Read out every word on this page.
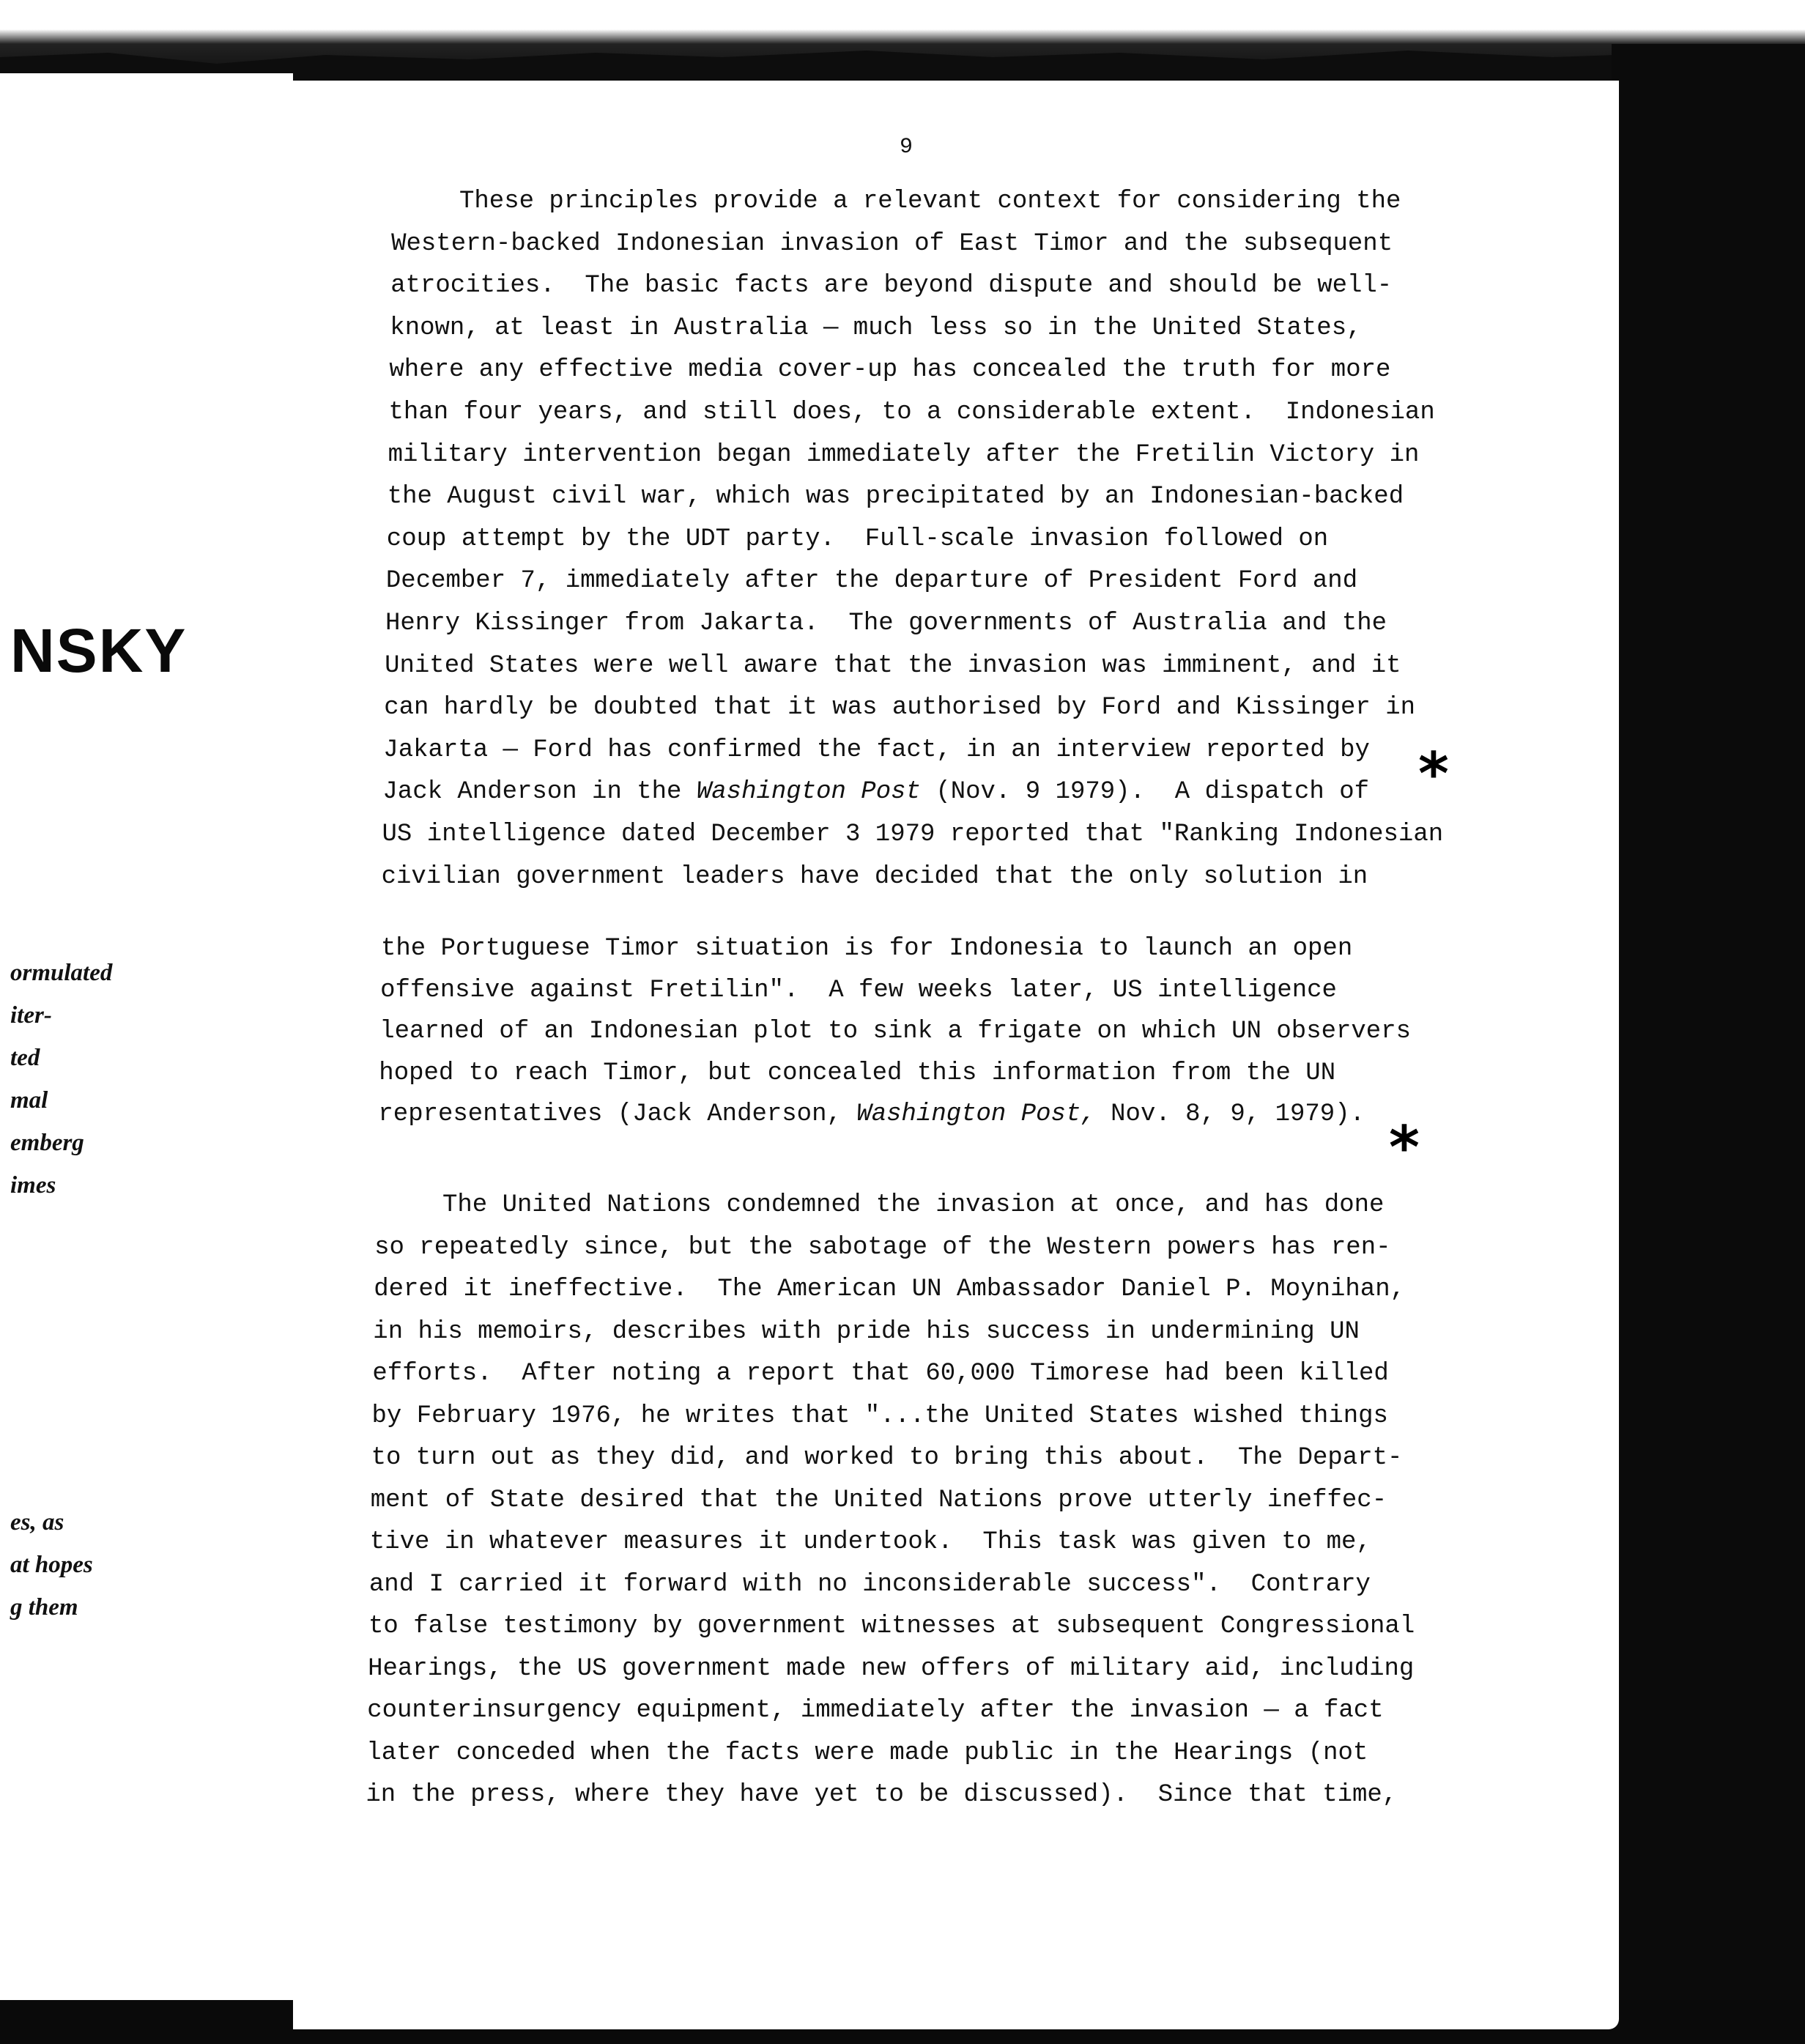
NSKY
ormulated
iter-
ted
mal
emberg
imes
es, as
at hopes
g them
9
These principles provide a relevant context for considering the
Western-backed Indonesian invasion of East Timor and the subsequent
atrocities.  The basic facts are beyond dispute and should be well-
known, at least in Australia — much less so in the United States,
where any effective media cover-up has concealed the truth for more
than four years, and still does, to a considerable extent.  Indonesian
military intervention began immediately after the Fretilin Victory in
the August civil war, which was precipitated by an Indonesian-backed
coup attempt by the UDT party.  Full-scale invasion followed on
December 7, immediately after the departure of President Ford and
Henry Kissinger from Jakarta.  The governments of Australia and the
United States were well aware that the invasion was imminent, and it
can hardly be doubted that it was authorised by Ford and Kissinger in
Jakarta — Ford has confirmed the fact, in an interview reported by
Jack Anderson in the Washington Post (Nov. 9 1979).  A dispatch of
US intelligence dated December 3 1979 reported that "Ranking Indonesian
civilian government leaders have decided that the only solution in
the Portuguese Timor situation is for Indonesia to launch an open
offensive against Fretilin".  A few weeks later, US intelligence
learned of an Indonesian plot to sink a frigate on which UN observers
hoped to reach Timor, but concealed this information from the UN
representatives (Jack Anderson, Washington Post, Nov. 8, 9, 1979).
The United Nations condemned the invasion at once, and has done
so repeatedly since, but the sabotage of the Western powers has ren-
dered it ineffective.  The American UN Ambassador Daniel P. Moynihan,
in his memoirs, describes with pride his success in undermining UN
efforts.  After noting a report that 60,000 Timorese had been killed
by February 1976, he writes that "...the United States wished things
to turn out as they did, and worked to bring this about.  The Depart-
ment of State desired that the United Nations prove utterly ineffec-
tive in whatever measures it undertook.  This task was given to me,
and I carried it forward with no inconsiderable success".  Contrary
to false testimony by government witnesses at subsequent Congressional
Hearings, the US government made new offers of military aid, including
counterinsurgency equipment, immediately after the invasion — a fact
later conceded when the facts were made public in the Hearings (not
in the press, where they have yet to be discussed).  Since that time,
*
*
